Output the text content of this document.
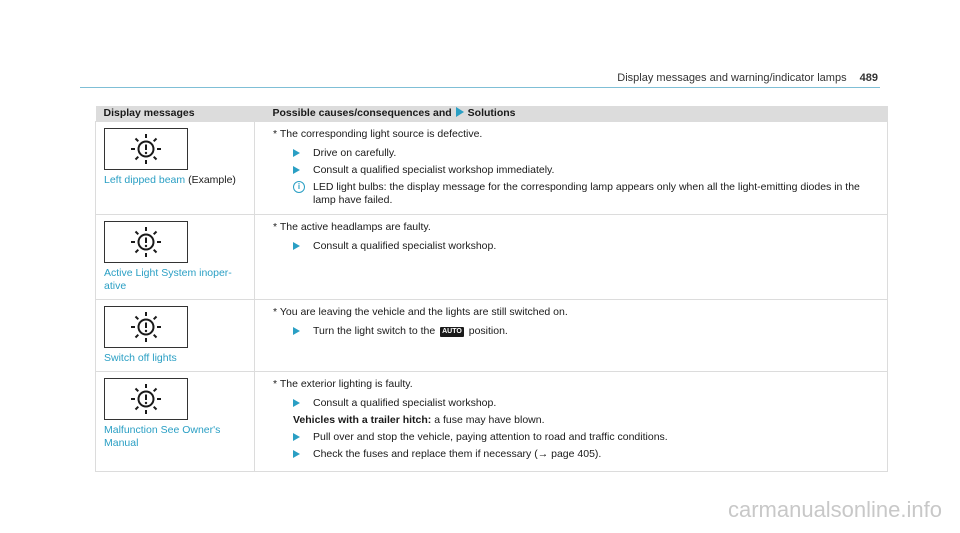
Display messages and warning/indicator lamps 489
Display messages	Possible causes/consequences and Solutions

Left dipped beam (Example)	* The corresponding light source is defective.

Drive on carefully.
Consult a qualified specialist workshop immediately.
i LED light bulbs: the display message for the corresponding lamp appears only when all the light-emitting diodes in the lamp have failed.

Active Light System inoper-ative	* The active headlamps are faulty.

Consult a qualified specialist workshop.

Switch off lights	* You are leaving the vehicle and the lights are still switched on.

Turn the light switch to the AUTO position.

Malfunction See Owner's Manual	* The exterior lighting is faulty.

Consult a qualified specialist workshop.
Vehicles with a trailer hitch: a fuse may have blown.
Pull over and stop the vehicle, paying attention to road and traffic conditions.
Check the fuses and replace them if necessary (→ page 405).
carmanualsonline.info
